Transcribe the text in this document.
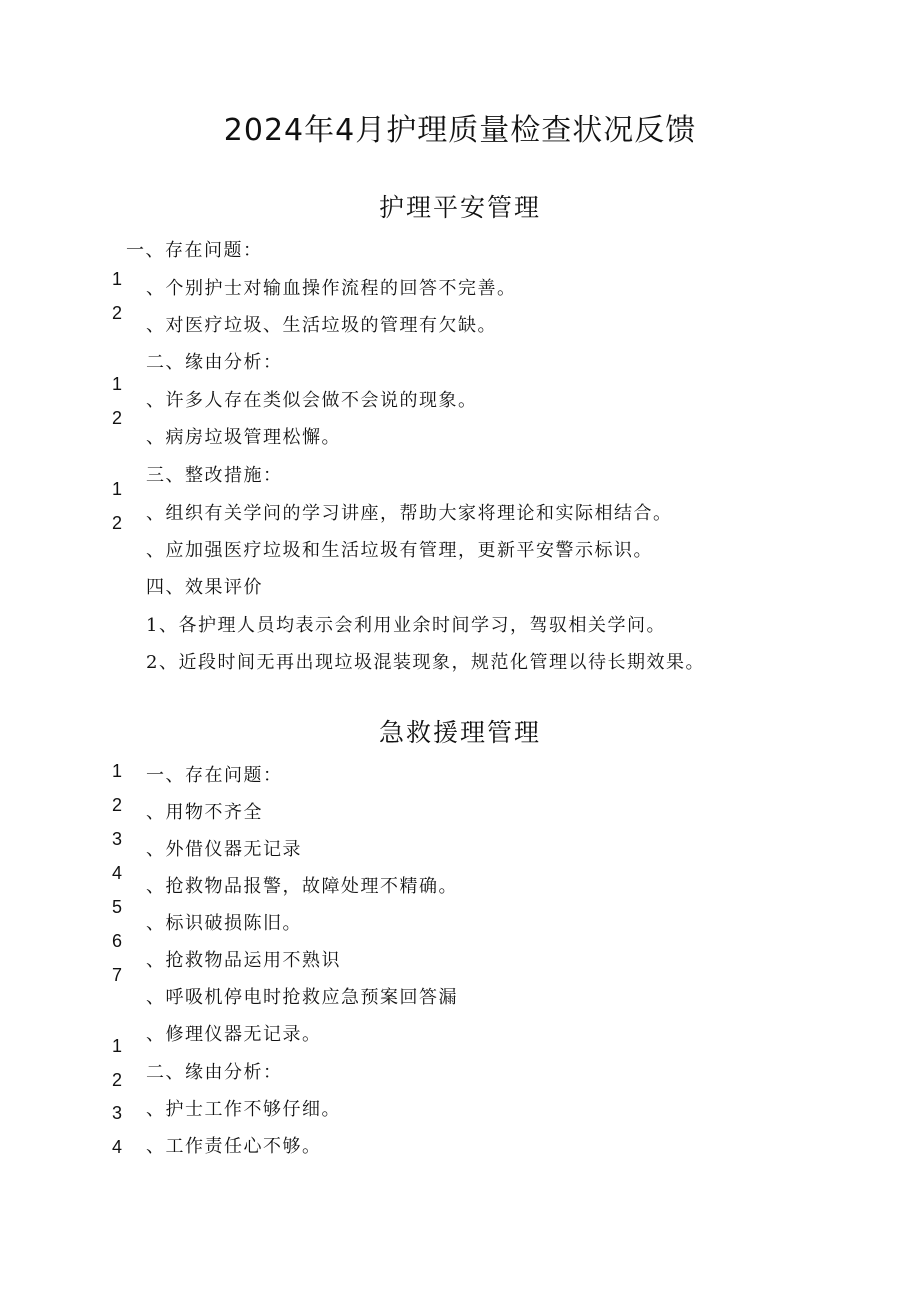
2024年4月护理质量检查状况反馈
护理平安管理
一、存在问题：
1 、个别护士对输血操作流程的回答不完善。
2
、对医疗垃圾、生活垃圾的管理有欠缺。
二、缘由分析：
1
、许多人存在类似会做不会说的现象。
2
、病房垃圾管理松懈。
三、整改措施：
1
、组织有关学问的学习讲座，帮助大家将理论和实际相结合。
2
、应加强医疗垃圾和生活垃圾有管理，更新平安警示标识。
四、效果评价
1、各护理人员均表示会利用业余时间学习，驾驭相关学问。
2、近段时间无再出现垃圾混装现象，规范化管理以待长期效果。
急救援理管理
1 一、存在问题：
2 、用物不齐全
3 、外借仪器无记录
4
、抢救物品报警，故障处理不精确。
5
、标识破损陈旧。
6
、抢救物品运用不熟识
7
、呼吸机停电时抢救应急预案回答漏
、修理仪器无记录。
1
二、缘由分析：
2
3 、护士工作不够仔细。
4 、工作责任心不够。
